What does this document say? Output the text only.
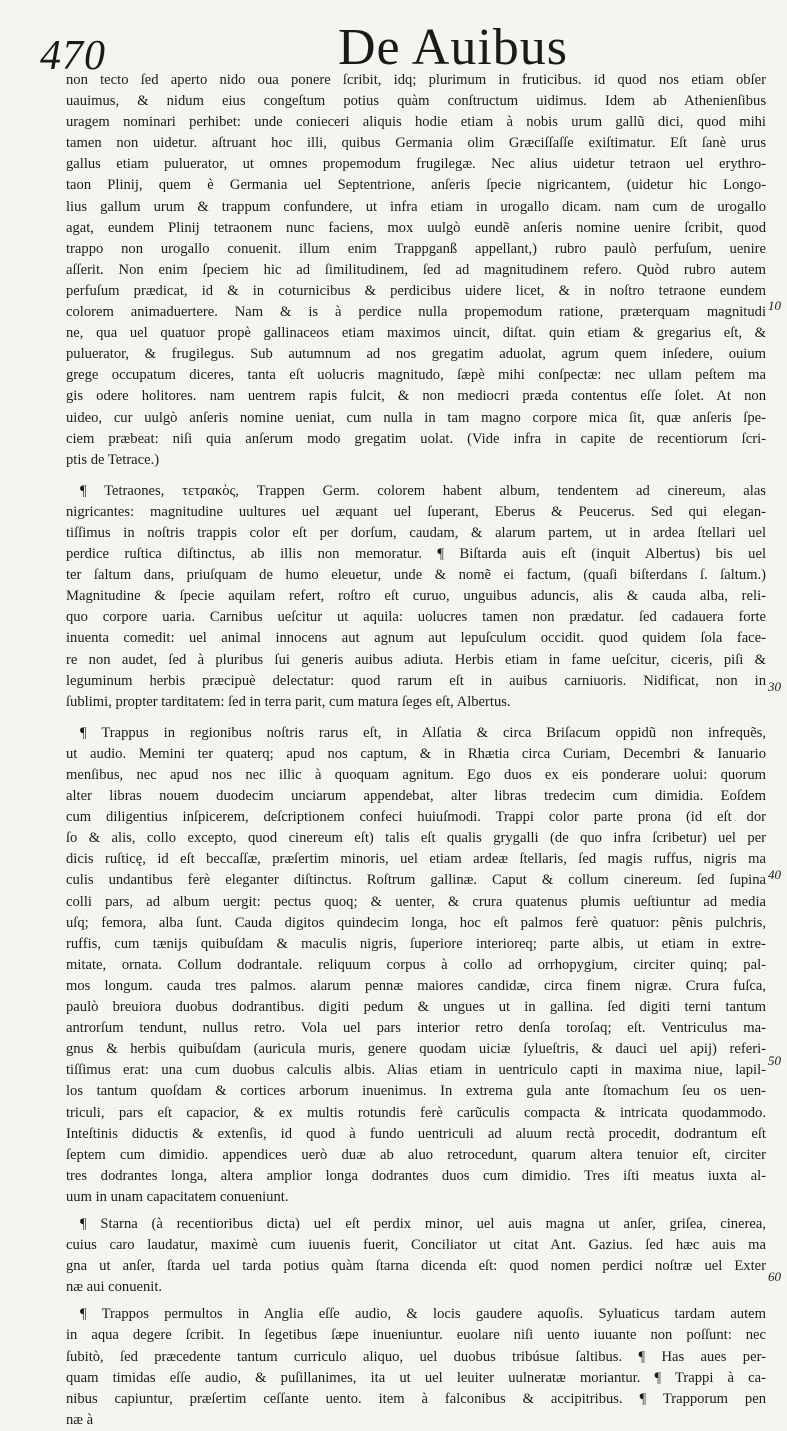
470	De Auibus

non tecto ſed aperto nido oua ponere ſcribit, idq; plurimum in fruticibus. id quod nos etiam obſer

uauimus, & nidum eius congeſtum potius quàm conſtructum uidimus. Idem ab Athenienſibus

uragem nominari perhibet: unde conieceri aliquis hodie etiam à nobis urum gallũ dici, quod mihi

tamen non uidetur. aſtruant hoc illi, quibus Germania olim Græciſſaſſe exiſtimatur. Eſt ſanè urus

gallus etiam puluerator, ut omnes propemodum frugilegæ. Nec alius uidetur tetraon uel erythro-

taon Plinij, quem è Germania uel Septentrione, anſeris ſpecie nigricantem, (uidetur hic Longo-

lius gallum urum & trappum confundere, ut infra etiam in urogallo dicam. nam cum de urogallo

agat, eundem Plinij tetraonem nunc faciens, mox uulgò eundẽ anſeris nomine uenire ſcribit, quod

trappo non urogallo conuenit. illum enim Trappganß appellant,) rubro paulò perfuſum, uenire

aſſerit. Non enim ſpeciem hic ad ſimilitudinem, ſed ad magnitudinem refero. Quòd rubro autem

perfuſum prædicat, id & in coturnicibus & perdicibus uidere licet, & in noſtro tetraone eundem

colorem animaduertere. Nam & is à perdice nulla propemodum ratione, præterquam magnitudi

ne, qua uel quatuor propè gallinaceos etiam maximos uincit, diſtat. quin etiam & gregarius eſt, &

puluerator, & frugilegus. Sub autumnum ad nos gregatim aduolat, agrum quem inſedere, ouium

grege occupatum diceres, tanta eſt uolucris magnitudo, ſæpè mihi conſpectæ: nec ullam peſtem ma

gis odere holitores. nam uentrem rapis fulcit, & non mediocri præda contentus eſſe ſolet. At non

uideo, cur uulgò anſeris nomine ueniat, cum nulla in tam magno corpore mica ſit, quæ anſeris ſpe-

ciem præbeat: niſi quia anſerum modo gregatim uolat. (Vide infra in capite de recentiorum ſcri-

ptis de Tetrace.)

¶ Tetraones, τετρακὸς, Trappen Germ. colorem habent album, tendentem ad cinereum, alas

nigricantes: magnitudine uultures uel æquant uel ſuperant, Eberus & Peucerus. Sed qui elegan-

tiſſimus in noſtris trappis color eſt per dorſum, caudam, & alarum partem, ut in ardea ſtellari uel

perdice ruſtica diſtinctus, ab illis non memoratur. ¶ Biſtarda auis eſt (inquit Albertus) bis uel

ter ſaltum dans, priuſquam de humo eleuetur, unde & nomẽ ei factum, (quaſi biſterdans ſ. ſaltum.)

Magnitudine & ſpecie aquilam refert, roſtro eſt curuo, unguibus aduncis, alis & cauda alba, reli-

quo corpore uaria. Carnibus ueſcitur ut aquila: uolucres tamen non prædatur. ſed cadauera forte

inuenta comedit: uel animal innocens aut agnum aut lepuſculum occidit. quod quidem ſola face-

re non audet, ſed à pluribus ſui generis auibus adiuta. Herbis etiam in fame ueſcitur, ciceris, piſi &

leguminum herbis præcipuè delectatur: quod rarum eſt in auibus carniuoris. Nidificat, non in

ſublimi, propter tarditatem: ſed in terra parit, cum matura ſeges eſt, Albertus.

¶ Trappus in regionibus noſtris rarus eſt, in Alſatia & circa Briſacum oppidũ non infrequẽs,

ut audio. Memini ter quaterq; apud nos captum, & in Rhætia circa Curiam, Decembri & Ianuario

menſibus, nec apud nos nec illic à quoquam agnitum. Ego duos ex eis ponderare uolui: quorum

alter libras nouem duodecim unciarum appendebat, alter libras tredecim cum dimidia. Eoſdem

cum diligentius inſpicerem, deſcriptionem confeci huiuſmodi. Trappi color parte prona (id eſt dor

ſo & alis, collo excepto, quod cinereum eſt) talis eſt qualis grygalli (de quo infra ſcribetur) uel per

dicis ruſticę, id eſt beccaſſæ, præſertim minoris, uel etiam ardeæ ſtellaris, ſed magis ruffus, nigris ma

culis undantibus ferè eleganter diſtinctus. Roſtrum gallinæ. Caput & collum cinereum. ſed ſupina

colli pars, ad album uergit: pectus quoq; & uenter, & crura quatenus plumis ueſtiuntur ad media

uſq; femora, alba ſunt. Cauda digitos quindecim longa, hoc eſt palmos ferè quatuor: pẽnis pulchris,

ruffis, cum tænijs quibuſdam & maculis nigris, ſuperiore interioreq; parte albis, ut etiam in extre-

mitate, ornata. Collum dodrantale. reliquum corpus à collo ad orrhopygium, circiter quinq; pal-

mos longum. cauda tres palmos. alarum pennæ maiores candidæ, circa finem nigræ. Crura fuſca,

paulò breuiora duobus dodrantibus. digiti pedum & ungues ut in gallina. ſed digiti terni tantum

antrorſum tendunt, nullus retro. Vola uel pars interior retro denſa toroſaq; eſt. Ventriculus ma-

gnus & herbis quibuſdam (auricula muris, genere quodam uiciæ ſylueſtris, & dauci uel apij) referi-

tiſſimus erat: una cum duobus calculis albis. Alias etiam in uentriculo capti in maxima niue, lapil-

los tantum quoſdam & cortices arborum inuenimus. In extrema gula ante ſtomachum ſeu os uen-

triculi, pars eſt capacior, & ex multis rotundis ferè carũculis compacta & intricata quodammodo.

Inteſtinis diductis & extenſis, id quod à fundo uentriculi ad aluum rectà procedit, dodrantum eſt

ſeptem cum dimidio. appendices uerò duæ ab aluo retrocedunt, quarum altera tenuior eſt, circiter

tres dodrantes longa, altera amplior longa dodrantes duos cum dimidio. Tres iſti meatus iuxta al-

uum in unam capacitatem conueniunt.

¶ Starna (à recentioribus dicta) uel eſt perdix minor, uel auis magna ut anſer, griſea, cinerea,

cuius caro laudatur, maximè cum iuuenis fuerit, Conciliator ut citat Ant. Gazius. ſed hæc auis ma

gna ut anſer, ſtarda uel tarda potius quàm ſtarna dicenda eſt: quod nomen perdici noſtræ uel Exter

næ aui conuenit.

¶ Trappos permultos in Anglia eſſe audio, & locis gaudere aquoſis. Syluaticus tardam autem

in aqua degere ſcribit. In ſegetibus ſæpe inueniuntur. euolare niſi uento iuuante non poſſunt: nec

ſubitò, ſed præcedente tantum curriculo aliquo, uel duobus tribúsue ſaltibus. ¶ Has aues per-

quam timidas eſſe audio, & puſillanimes, ita ut uel leuiter uulneratæ moriantur. ¶ Trappi à ca-

nibus capiuntur, præſertim ceſſante uento. item à falconibus & accipitribus. ¶ Trapporum pen

næ à

10
30
40
50
60
